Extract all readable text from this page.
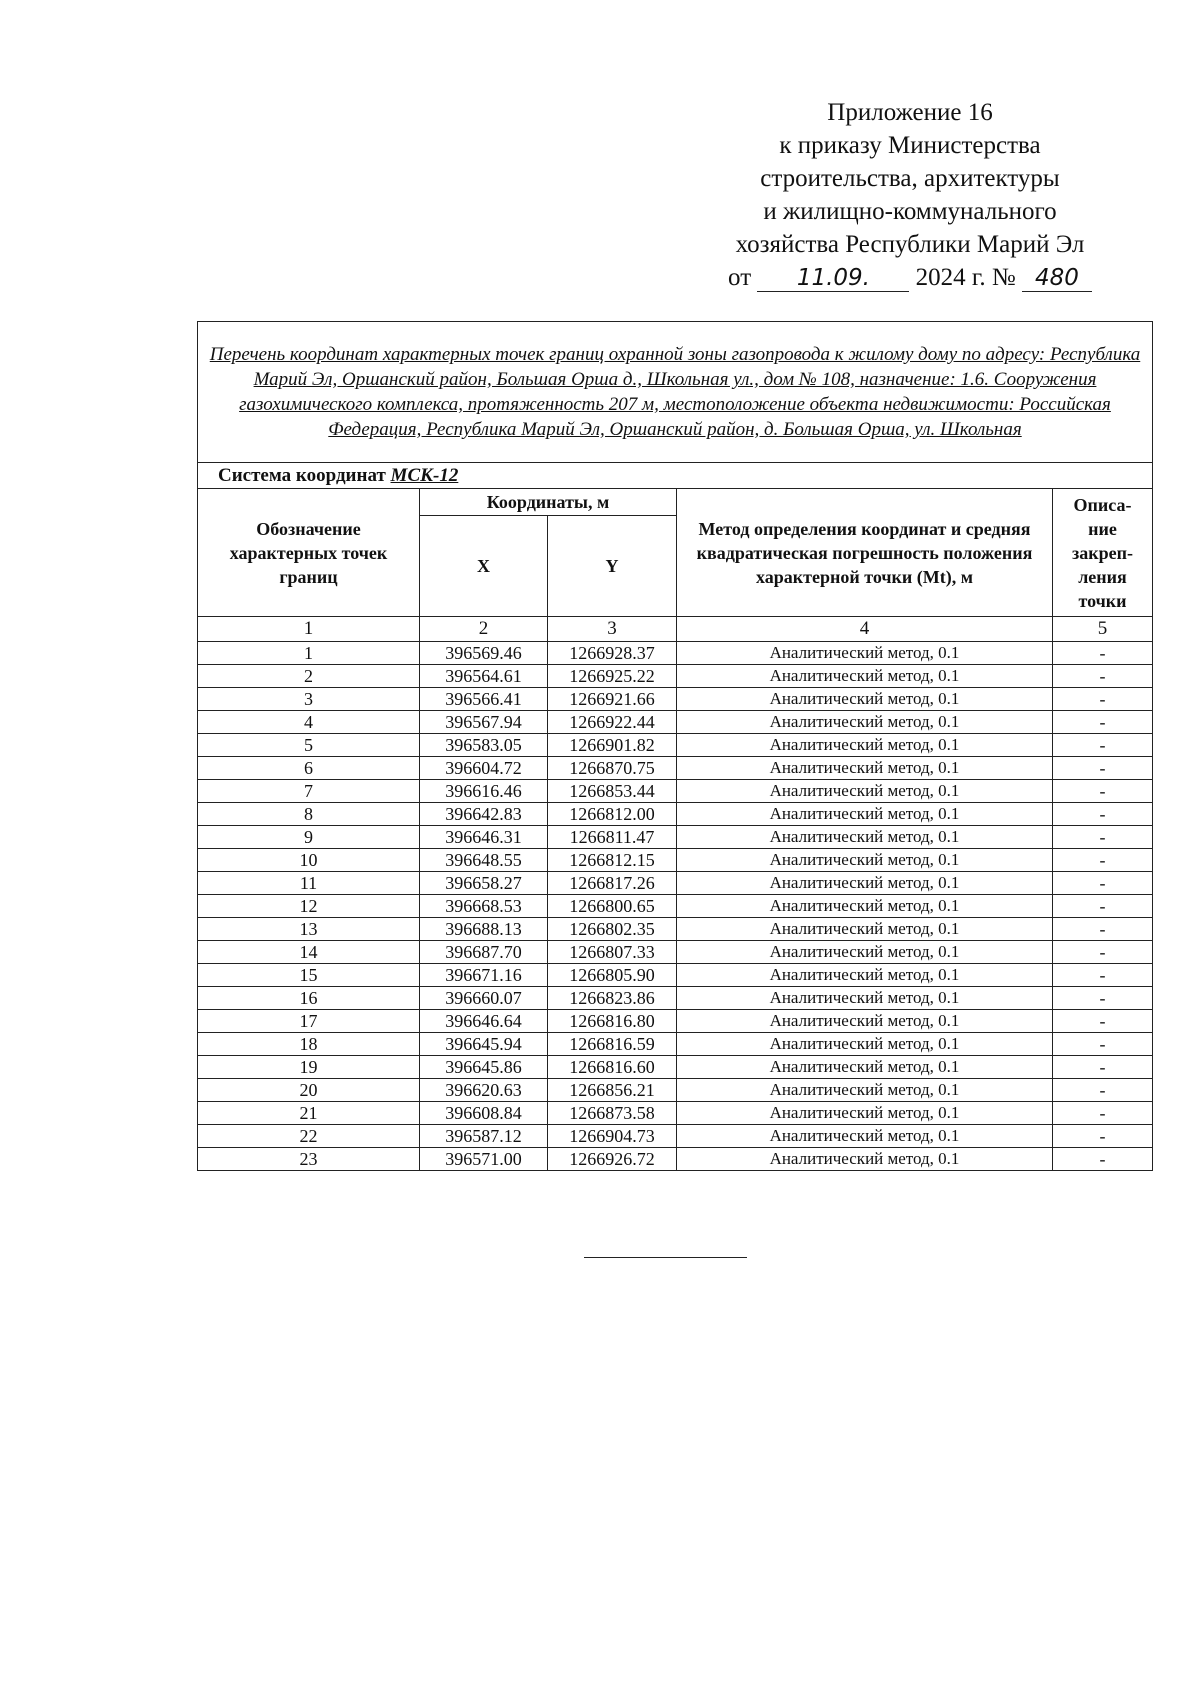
Приложение 16
к приказу Министерства
строительства, архитектуры
и жилищно-коммунального
хозяйства Республики Марий Эл
от 11.09. 2024 г. № 480
Перечень координат характерных точек границ охранной зоны газопровода к жилому дому по адресу: Республика Марий Эл, Оршанский район, Большая Орша д., Школьная ул., дом № 108, назначение: 1.6. Сооружения газохимического комплекса, протяженность 207 м, местоположение объекта недвижимости: Российская Федерация, Республика Марий Эл, Оршанский район, д. Большая Орша, ул. Школьная				
Система координат МСК-12				
Обозначение характерных точек границ	Координаты, м		Метод определения координат и средняя квадратическая погрешность положения характерной точки (Mt), м	Описа-
ние
закреп-
ления
точки
	X	Y		
1	2	3	4	5
1	396569.46	1266928.37	Аналитический метод, 0.1	-
2	396564.61	1266925.22	Аналитический метод, 0.1	-
3	396566.41	1266921.66	Аналитический метод, 0.1	-
4	396567.94	1266922.44	Аналитический метод, 0.1	-
5	396583.05	1266901.82	Аналитический метод, 0.1	-
6	396604.72	1266870.75	Аналитический метод, 0.1	-
7	396616.46	1266853.44	Аналитический метод, 0.1	-
8	396642.83	1266812.00	Аналитический метод, 0.1	-
9	396646.31	1266811.47	Аналитический метод, 0.1	-
10	396648.55	1266812.15	Аналитический метод, 0.1	-
11	396658.27	1266817.26	Аналитический метод, 0.1	-
12	396668.53	1266800.65	Аналитический метод, 0.1	-
13	396688.13	1266802.35	Аналитический метод, 0.1	-
14	396687.70	1266807.33	Аналитический метод, 0.1	-
15	396671.16	1266805.90	Аналитический метод, 0.1	-
16	396660.07	1266823.86	Аналитический метод, 0.1	-
17	396646.64	1266816.80	Аналитический метод, 0.1	-
18	396645.94	1266816.59	Аналитический метод, 0.1	-
19	396645.86	1266816.60	Аналитический метод, 0.1	-
20	396620.63	1266856.21	Аналитический метод, 0.1	-
21	396608.84	1266873.58	Аналитический метод, 0.1	-
22	396587.12	1266904.73	Аналитический метод, 0.1	-
23	396571.00	1266926.72	Аналитический метод, 0.1	-
